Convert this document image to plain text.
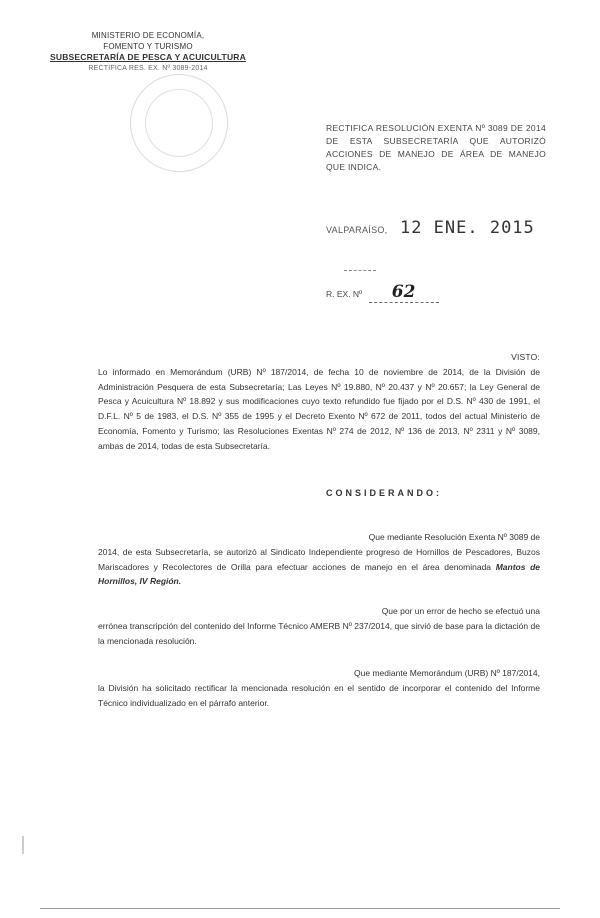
MINISTERIO DE ECONOMÍA,
FOMENTO Y TURISMO
SUBSECRETARÍA DE PESCA Y ACUICULTURA
RECTIFICA RES. EX. Nº 3089-2014
RECTIFICA RESOLUCIÓN EXENTA Nº 3089 DE 2014 DE ESTA SUBSECRETARÍA QUE AUTORIZÓ ACCIONES DE MANEJO DE ÁREA DE MANEJO QUE INDICA.
VALPARAÍSO, 12 ENE. 2015
R. EX. Nº 62
VISTO:
Lo informado en Memorándum (URB) Nº 187/2014, de fecha 10 de noviembre de 2014, de la División de Administración Pesquera de esta Subsecretaría; Las Leyes Nº 19.880, Nº 20.437 y Nº 20.657; la Ley General de Pesca y Acuicultura Nº 18.892 y sus modificaciones cuyo texto refundido fue fijado por el D.S. Nº 430 de 1991, el D.F.L. Nº 5 de 1983, el D.S. Nº 355 de 1995 y el Decreto Exento Nº 672 de 2011, todos del actual Ministerio de Economía, Fomento y Turismo; las Resoluciones Exentas Nº 274 de 2012, Nº 136 de 2013, Nº 2311 y Nº 3089, ambas de 2014, todas de esta Subsecretaría.
CONSIDERANDO:
Que mediante Resolución Exenta Nº 3089 de
2014, de esta Subsecretaría, se autorizó al Sindicato Independiente progreso de Hornillos de Pescadores, Buzos Mariscadores y Recolectores de Orilla para efectuar acciones de manejo en el área denominada Mantos de Hornillos, IV Región.
Que por un error de hecho se efectuó una
errónea transcripción del contenido del Informe Técnico AMERB Nº 237/2014, que sirvió de base para la dictación de la mencionada resolución.
Que mediante Memorándum (URB) Nº 187/2014,
la División ha solicitado rectificar la mencionada resolución en el sentido de incorporar el contenido del Informe Técnico individualizado en el párrafo anterior.
